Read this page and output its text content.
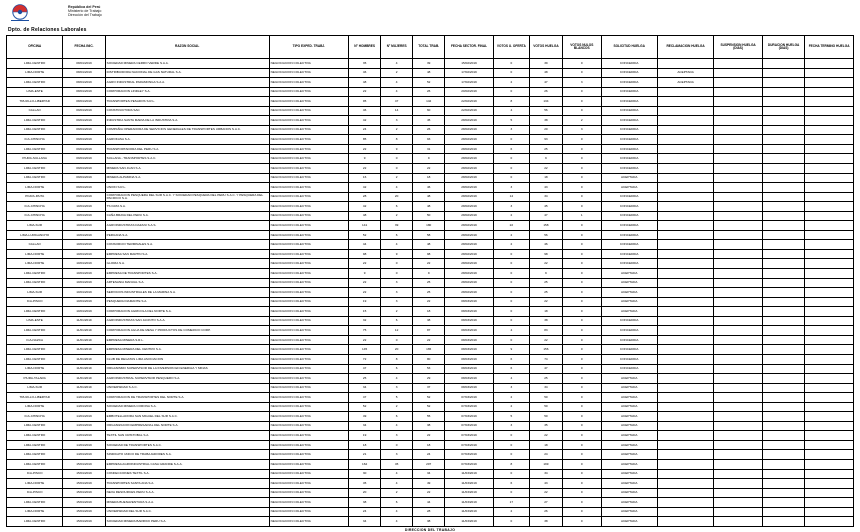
República del Perú
Ministerio de Trabajo
Dirección del Trabajo
Dpto. de Relaciones Laborales
OFICINA	FECHA INIC.	RAZON SOCIAL	TIPO EXPED. TRABJ.	N° HOMBRES	N° MUJERES	TOTAL TRAB.	FECHA SECTOR. FINAL	VOTOS U. OFERTA	VOTOS HUELGA	VOTOS NULOS BLANCOS	SOLICITUD HUELGA	RECLAMACION HUELGA	SUSPENSION HUELGA (DIAS)	DURACION HUELGA (DIAS)	FECHA TERMINO HUELGA
LIMA-CENTRO	08/01/2019	SOCIEDAD MINERA CERRO VERDE S.A.A.	NEGOCIACION COLECTIVA	35	4	39	15/02/2019	0	39	0	CONCEDIDA				
LIMA-NORTE	08/01/2019	DISTRIBUIDORA NACIONAL DE GAS NATURAL S.A.	NEGOCIACION COLECTIVA	46	2	48	17/02/2019	0	48	0	CONCEDIDA	ACEPTADA			
LIMA-CENTRO	08/01/2019	AGRO INDUSTRIAL PARAMONGA S.A.A.	NEGOCIACION COLECTIVA	48	4	52	17/02/2019	2	47	3	CONCEDIDA	ACEPTADA			
LIMA-ESTE	08/01/2019	CORPORACION LINDLEY S.A.	NEGOCIACION COLECTIVA	22	4	26	20/02/2019	0	26	0	CONCEDIDA				
TRUJILLO-LIBERTAD	08/01/2019	TRANSPORTES PESADOS S.R.L.	NEGOCIACION COLECTIVA	95	47	142	22/02/2019	8	134	0	CONCEDIDA				
CALLAO	09/01/2019	CONSTRUCTORA SAC	NEGOCIACION COLECTIVA	46	14	60	22/02/2019	4	56	0	CONCEDIDA				
LIMA-CENTRO	09/01/2019	INDUSTRIA SANTA MARIA DE LA INDUSTRIA S.A.	NEGOCIACION COLECTIVA	42	3	45	28/02/2019	5	38	2	CONCEDIDA				
LIMA-CENTRO	09/01/2019	COMPAÑIA OPERADORA DE SERVICIOS GENERALES DE TRANSPORTES URBANOS S.A.C.	NEGOCIACION COLECTIVA	24	2	26	28/02/2019	3	20	3	CONCEDIDA				
ICA-CHINCHA	09/01/2019	AGROKASA S.A.	NEGOCIACION COLECTIVA	85	8	93	28/02/2019	0	93	0	CONCEDIDA				
LIMA-CENTRO	09/01/2019	TRANSPORTADORA DEL PERU S.A.	NEGOCIACION COLECTIVA	22	9	31	28/02/2019	6	25	0	CONCEDIDA				
PIURA-SULLANA	09/01/2019	SULLANA - TRANSPORTES S.A.C.	NEGOCIACION COLECTIVA	9	0	9	28/02/2019	0	9	0	CONCEDIDA				
LIMA-CENTRO	09/01/2019	MINERA SAN JUAN S.A.	NEGOCIACION COLECTIVA	22	0	22	28/02/2019	0	22	0	CONCEDIDA				
LIMA-CENTRO	09/01/2019	MINERA ALPAMINA S.A.	NEGOCIACION COLECTIVA	16	2	18	28/02/2019	0	18	0	ACEPTADA				
LIMA-NORTE	09/01/2019	UNION S.R.L.	NEGOCIACION COLECTIVA	42	4	46	28/02/2019	3	43	0	ACEPTADA				
PIURA-PAITA	09/01/2019	CORPORACION PESQUERA DEL SUR S.A.C. Y SOCIEDAD PESQUERA DEL PERU S.A.C. Y PESQUERA DEL PACIFICO S.A.	NEGOCIACION COLECTIVA	28	20	48	28/02/2019	14	34	0	CONCEDIDA				
ICA-CHINCHA	10/01/2019	TS DATA S.A.	NEGOCIACION COLECTIVA	42	6	48	28/02/2019	3	45	0	CONCEDIDA				
ICA-CHINCHA	10/01/2019	CAÑA BRAVA DEL PERU S.A.	NEGOCIACION COLECTIVA	48	2	50	28/02/2019	2	47	1	CONCEDIDA				
LIMA-SUR	10/01/2019	AGROINDUSTRIAS DAZANI S.A.S.	NEGOCIACION COLECTIVA	141	39	180	28/02/2019	22	158	0	CONCEDIDA				
LIMA-LURIGANCHO	10/01/2019	PERUANA S.A.	NEGOCIACION COLECTIVA	52	6	58	28/02/2019	2	56	0	CONCEDIDA				
CALLAO	10/01/2019	CONSORCIO TERMINALES S.A.	NEGOCIACION COLECTIVA	44	4	48	28/02/2019	2	46	0	CONCEDIDA				
LIMA-NORTE	10/01/2019	EMPRESA SAN MARTIN S.A.	NEGOCIACION COLECTIVA	98	9	98	28/02/2019	0	98	0	CONCEDIDA				
LIMA-NORTE	10/01/2019	GLORIA S.A.	NEGOCIACION COLECTIVA	22	0	22	28/02/2019	0	22	0	CONCEDIDA				
LIMA-CENTRO	10/01/2019	EMPRESA DE TRANSPORTES S.A.	NEGOCIACION COLECTIVA	9	0	9	28/02/2019	0	9	0	ACEPTADA				
LIMA-CENTRO	10/01/2019	ARTESANIA MANUAL S.A.	NEGOCIACION COLECTIVA	22	3	25	28/02/2019	0	25	0	ACEPTADA				
LIMA-SUR	10/01/2019	SERVICIOS INDUSTRIALES DE LA MARINA S.A.	NEGOCIACION COLECTIVA	22	3	25	28/02/2019	0	25	0	ACEPTADA				
ICA-PISCO	10/01/2019	PESQUERA DIAMANTE S.A.	NEGOCIACION COLECTIVA	19	3	22	08/03/2019	0	22	0	ACEPTADA				
LIMA-CENTRO	10/01/2019	CORPORACION AGRICOLA DEL NORTE S.A.	NEGOCIACION COLECTIVA	15	2	18	08/03/2019	0	18	0	ACEPTADA				
LIMA-ESTE	11/01/2019	AGROINDUSTRIAS SAN JACINTO S.A.A.	NEGOCIACION COLECTIVA	32	6	38	08/03/2019	0	38	0	CONCEDIDA				
LIMA-CENTRO	11/01/2019	CORPORACION AGUA DE MESA Y PRODUCTOS DE COMERCIO CORP.	NEGOCIACION COLECTIVA	75	12	87	08/03/2019	4	83	0	CONCEDIDA				
ICA-NAZCA	11/01/2019	EMPRESA MINERA S.R.L.	NEGOCIACION COLECTIVA	22	0	22	08/03/2019	0	22	0	CONCEDIDA				
LIMA-CENTRO	11/01/2019	EMPRESA MINERA DEL CENTRO S.A.	NEGOCIACION COLECTIVA	145	20	165	08/03/2019	9	156	0	CONCEDIDA				
LIMA-CENTRO	11/01/2019	CLUB DE REGATAS LIMA ASOCIACION	NEGOCIACION COLECTIVA	72	8	80	08/03/2019	6	74	0	CONCEDIDA				
LIMA-NORTE	11/01/2019	ORGANISMO SUPERVISOR DE LA INVERSION EN ENERGIA Y MINAS	NEGOCIACION COLECTIVA	47	6	53	08/03/2019	6	47	0	CONCEDIDA				
PIURA-TALARA	11/01/2019	AGROINDUSTRIAL SUPERVISOR PESQUERO S.A.	NEGOCIACION COLECTIVA	25	4	29	08/03/2019	4	25	0	ACEPTADA				
LIMA-SUR	11/01/2019	UNIVERSIDAD S.A.C.	NEGOCIACION COLECTIVA	34	3	37	08/03/2019	3	34	0	ACEPTADA				
TRUJILLO-LIBERTAD	14/01/2019	CORPORACION DE TRANSPORTES DEL NORTE S.A.	NEGOCIACION COLECTIVA	47	5	52	07/03/2019	2	50	0	ACEPTADA				
LIMA-NORTE	14/01/2019	SOCIEDAD MINERA CORONA S.A.	NEGOCIACION COLECTIVA	52	2	52	07/03/2019	2	50	0	ACEPTADA				
ICA-CHINCHA	14/01/2019	EMBOTELLADORA SAN MIGUEL DEL SUR S.A.C.	NEGOCIACION COLECTIVA	49	6	55	07/03/2019	5	50	0	ACEPTADA				
LIMA-CENTRO	14/01/2019	ORGANIZACION EMPRESARIAL DEL NORTE S.A.	NEGOCIACION COLECTIVA	34	4	38	07/03/2019	3	35	0	ACEPTADA				
LIMA-CENTRO	14/01/2019	TEXTIL SAN CRISTOBAL S.A.	NEGOCIACION COLECTIVA	19	3	22	07/03/2019	0	22	0	ACEPTADA				
LIMA-CENTRO	14/01/2019	SOCIEDAD DE TRANSPORTES S.A.C.	NEGOCIACION COLECTIVA	18	0	18	07/03/2019	0	18	0	ACEPTADA				
LIMA-CENTRO	14/01/2019	SINDICATO UNICO DE TRABAJADORES S.A.	NEGOCIACION COLECTIVA	21	3	24	07/03/2019	0	24	0	ACEPTADA				
LIMA-CENTRO	15/01/2019	EMPRESA AGROINDUSTRIAL CASA GRANDE S.A.A.	NEGOCIACION COLECTIVA	162	45	207	07/03/2019	8	199	0	ACEPTADA				
ICA-PISCO	15/01/2019	CONFECCIONES TEXTIL S.A.	NEGOCIACION COLECTIVA	30	4	34	11/03/2019	0	34	0	ACEPTADA				
LIMA-NORTE	15/01/2019	TRANSPORTES SANTA ANA S.A.	NEGOCIACION COLECTIVA	45	4	49	11/03/2019	6	43	0	ACEPTADA				
ICA-PISCO	15/01/2019	NEXA RESOURCES PERU S.A.A.	NEGOCIACION COLECTIVA	20	2	22	11/03/2019	0	22	0	ACEPTADA				
LIMA-CENTRO	15/01/2019	MINERA BUENAVENTURA S.A.A.	NEGOCIACION COLECTIVA	38	6	44	11/03/2019	17	27	0	ACEPTADA				
LIMA-NORTE	15/01/2019	UNIVERSIDAD DEL SUR S.A.C.	NEGOCIACION COLECTIVA	24	4	28	11/03/2019	2	26	0	ACEPTADA				
LIMA-CENTRO	15/01/2019	SOCIEDAD MINERA BARRICK PERU S.A.	NEGOCIACION COLECTIVA	34	4	38	11/03/2019	0	38	0	ACEPTADA				
DIRECCION DEL TRABAJO
